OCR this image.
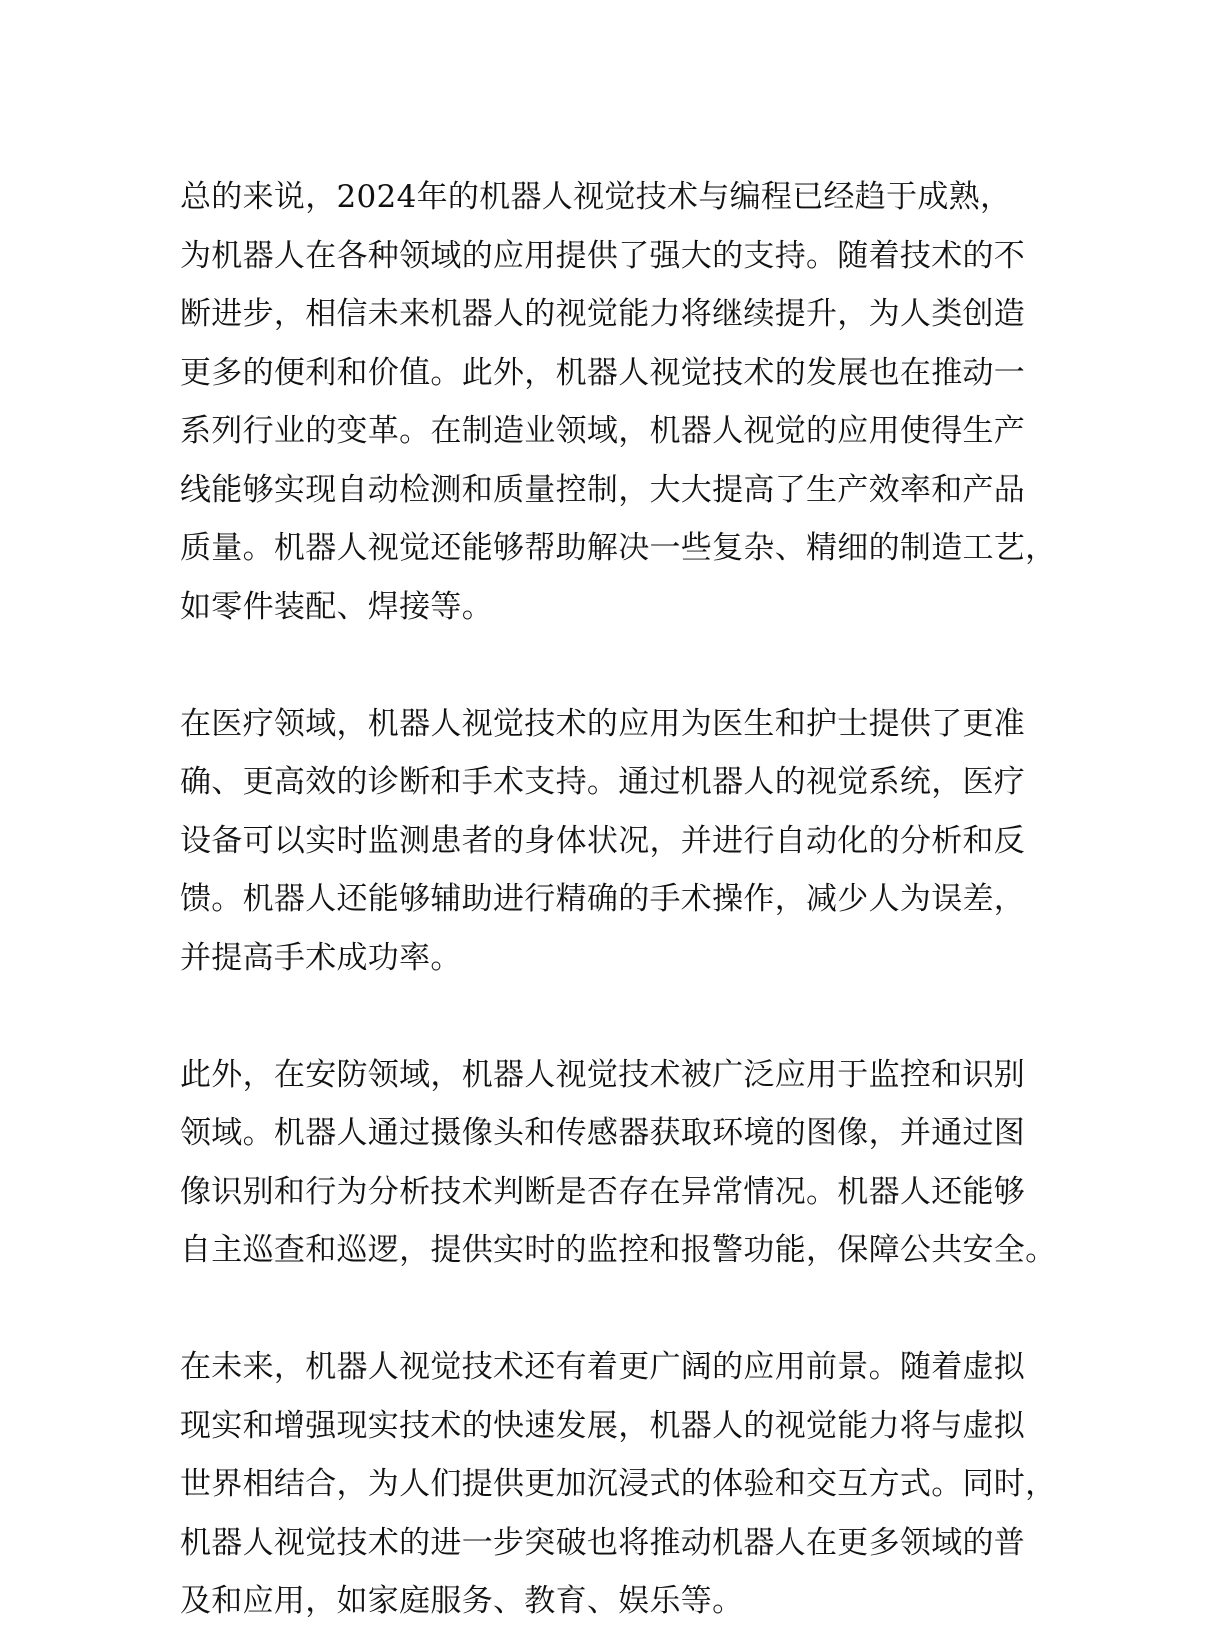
总的来说，2024年的机器人视觉技术与编程已经趋于成熟，
为机器人在各种领域的应用提供了强大的支持。随着技术的不
断进步，相信未来机器人的视觉能力将继续提升，为人类创造
更多的便利和价值。此外，机器人视觉技术的发展也在推动一
系列行业的变革。在制造业领域，机器人视觉的应用使得生产
线能够实现自动检测和质量控制，大大提高了生产效率和产品
质量。机器人视觉还能够帮助解决一些复杂、精细的制造工艺，
如零件装配、焊接等。
在医疗领域，机器人视觉技术的应用为医生和护士提供了更准
确、更高效的诊断和手术支持。通过机器人的视觉系统，医疗
设备可以实时监测患者的身体状况，并进行自动化的分析和反
馈。机器人还能够辅助进行精确的手术操作，减少人为误差，
并提高手术成功率。
此外，在安防领域，机器人视觉技术被广泛应用于监控和识别
领域。机器人通过摄像头和传感器获取环境的图像，并通过图
像识别和行为分析技术判断是否存在异常情况。机器人还能够
自主巡查和巡逻，提供实时的监控和报警功能，保障公共安全。
在未来，机器人视觉技术还有着更广阔的应用前景。随着虚拟
现实和增强现实技术的快速发展，机器人的视觉能力将与虚拟
世界相结合，为人们提供更加沉浸式的体验和交互方式。同时，
机器人视觉技术的进一步突破也将推动机器人在更多领域的普
及和应用，如家庭服务、教育、娱乐等。
